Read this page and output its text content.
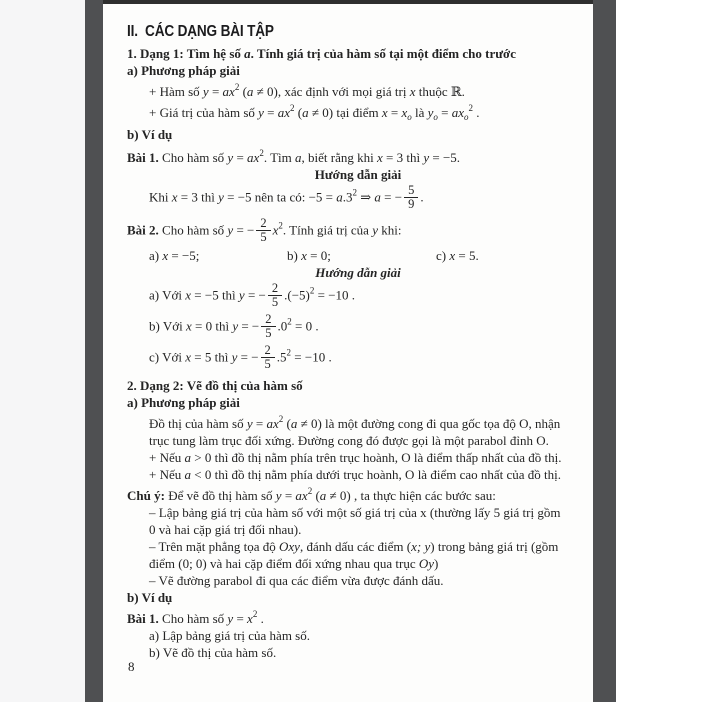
II.  CÁC DẠNG BÀI TẬP
1. Dạng 1: Tìm hệ số a. Tính giá trị của hàm số tại một điểm cho trước
a) Phương pháp giải
+ Hàm số $y = ax^2$ (a ≠ 0), xác định với mọi giá trị x thuộc ℝ.
+ Giá trị của hàm số $y = ax^2$ (a ≠ 0) tại điểm $x = x_o$ là $y_o = ax_o^2$ .
b) Ví dụ
Bài 1. Cho hàm số $y = ax^2$. Tìm a, biết rằng khi x = 3 thì y = −5.
Hướng dẫn giải
Khi x = 3 thì y = −5 nên ta có: $-5 = a.3^2$ ⇒ a = − $\frac{5}{9}$ .
Bài 2. Cho hàm số y = − $\frac{2}{5} x^2$. Tính giá trị của y khi:
a) x = −5;	b) x = 0;	c) x = 5.
Hướng dẫn giải
a) Với x = −5 thì y = − $\frac{2}{5} .(-5)^2 = -10$ .
b) Với x = 0 thì y = − $\frac{2}{5} .0^2 = 0$ .
c) Với x = 5 thì y = − $\frac{2}{5} .5^2 = -10$ .
2. Dạng 2: Vẽ đồ thị của hàm số
a) Phương pháp giải
Đồ thị của hàm số $y = ax^2$ (a ≠ 0) là một đường cong đi qua gốc tọa độ O, nhận
trục tung làm trục đối xứng. Đường cong đó được gọi là một parabol đỉnh O.
+ Nếu a > 0 thì đồ thị nằm phía trên trục hoành, O là điểm thấp nhất của đồ thị.
+ Nếu a < 0 thì đồ thị nằm phía dưới trục hoành, O là điểm cao nhất của đồ thị.
Chú ý: Để vẽ đồ thị hàm số $y = ax^2$ (a ≠ 0) , ta thực hiện các bước sau:
– Lập bảng giá trị của hàm số với một số giá trị của x (thường lấy 5 giá trị gồm
0 và hai cặp giá trị đối nhau).
– Trên mặt phẳng tọa độ Oxy, đánh dấu các điểm (x; y) trong bảng giá trị (gồm
điểm (0; 0) và hai cặp điểm đối xứng nhau qua trục Oy)
– Vẽ đường parabol đi qua các điểm vừa được đánh dấu.
b) Ví dụ
Bài 1. Cho hàm số $y = x^2$ .
a) Lập bảng giá trị của hàm số.
b) Vẽ đồ thị của hàm số.
8
